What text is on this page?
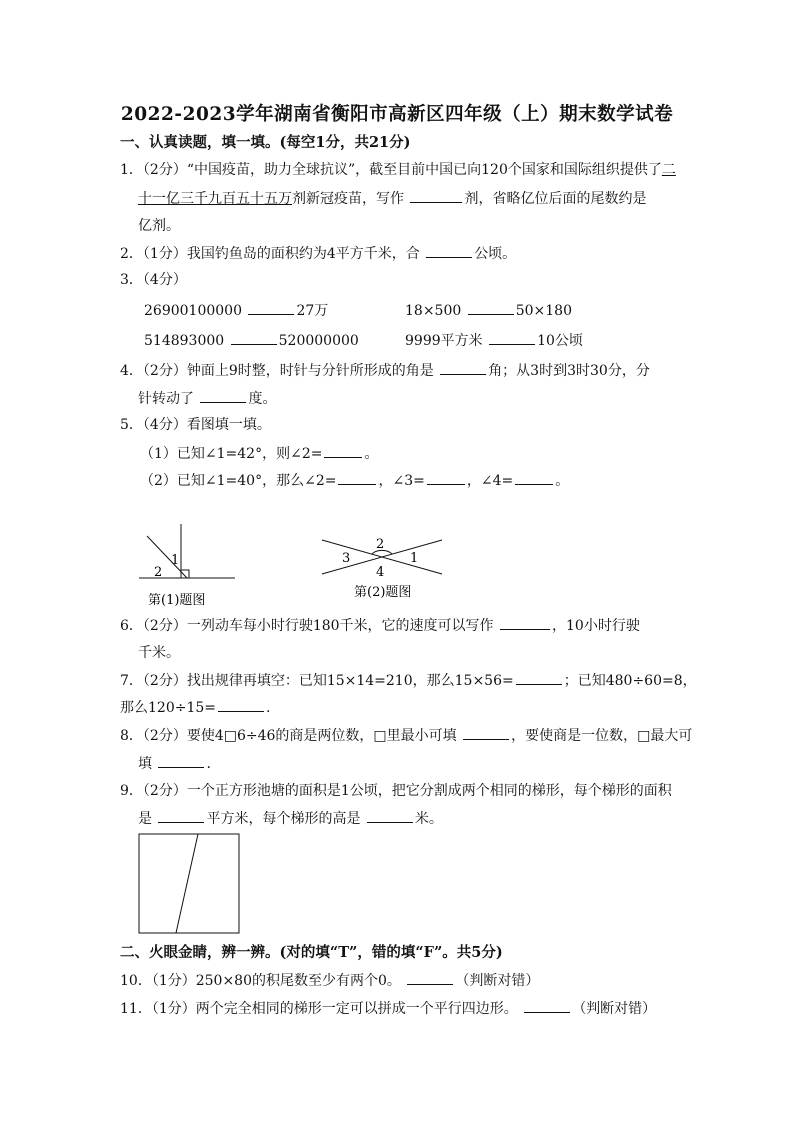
2022-2023学年湖南省衡阳市高新区四年级（上）期末数学试卷
一、认真读题，填一填。(每空1分，共21分)
1．（2分）“中国疫苗，助力全球抗议”，截至目前中国已向120个国家和国际组织提供了二
十一亿三千九百五十五万剂新冠疫苗，写作	剂，省略亿位后面的尾数约是
亿剂。
2．（1分）我国钓鱼岛的面积约为4平方千米，合	公顷。
3．（4分）
26900100000	27万	18×500	50×180
514893000	520000000	9999平方米	10公顷
4．（2分）钟面上9时整，时针与分针所形成的角是	角；从3时到3时30分，分
针转动了	度。
5．（4分）看图填一填。
（1）已知∠1=42°，则∠2=	。
（2）已知∠1=40°，那么∠2=	，∠3=	，∠4=	。
1
2
第(1)题图
2
3	1
4
第(2)题图
6．（2分）一列动车每小时行驶180千米，它的速度可以写作	，10小时行驶
千米。
7．（2分）找出规律再填空：已知15×14=210，那么15×56=	；已知480÷60=8，
那么120÷15=	.
8．（2分）要使4□6÷46的商是两位数，□里最小可填	，要使商是一位数，□最大可
填	.
9．（2分）一个正方形池塘的面积是1公顷，把它分割成两个相同的梯形，每个梯形的面积
是	平方米，每个梯形的高是	米。
二、火眼金睛，辨一辨。(对的填“T”，错的填“F”。共5分)
10．（1分）250×80的积尾数至少有两个0。	（判断对错）
11．（1分）两个完全相同的梯形一定可以拼成一个平行四边形。	（判断对错）
